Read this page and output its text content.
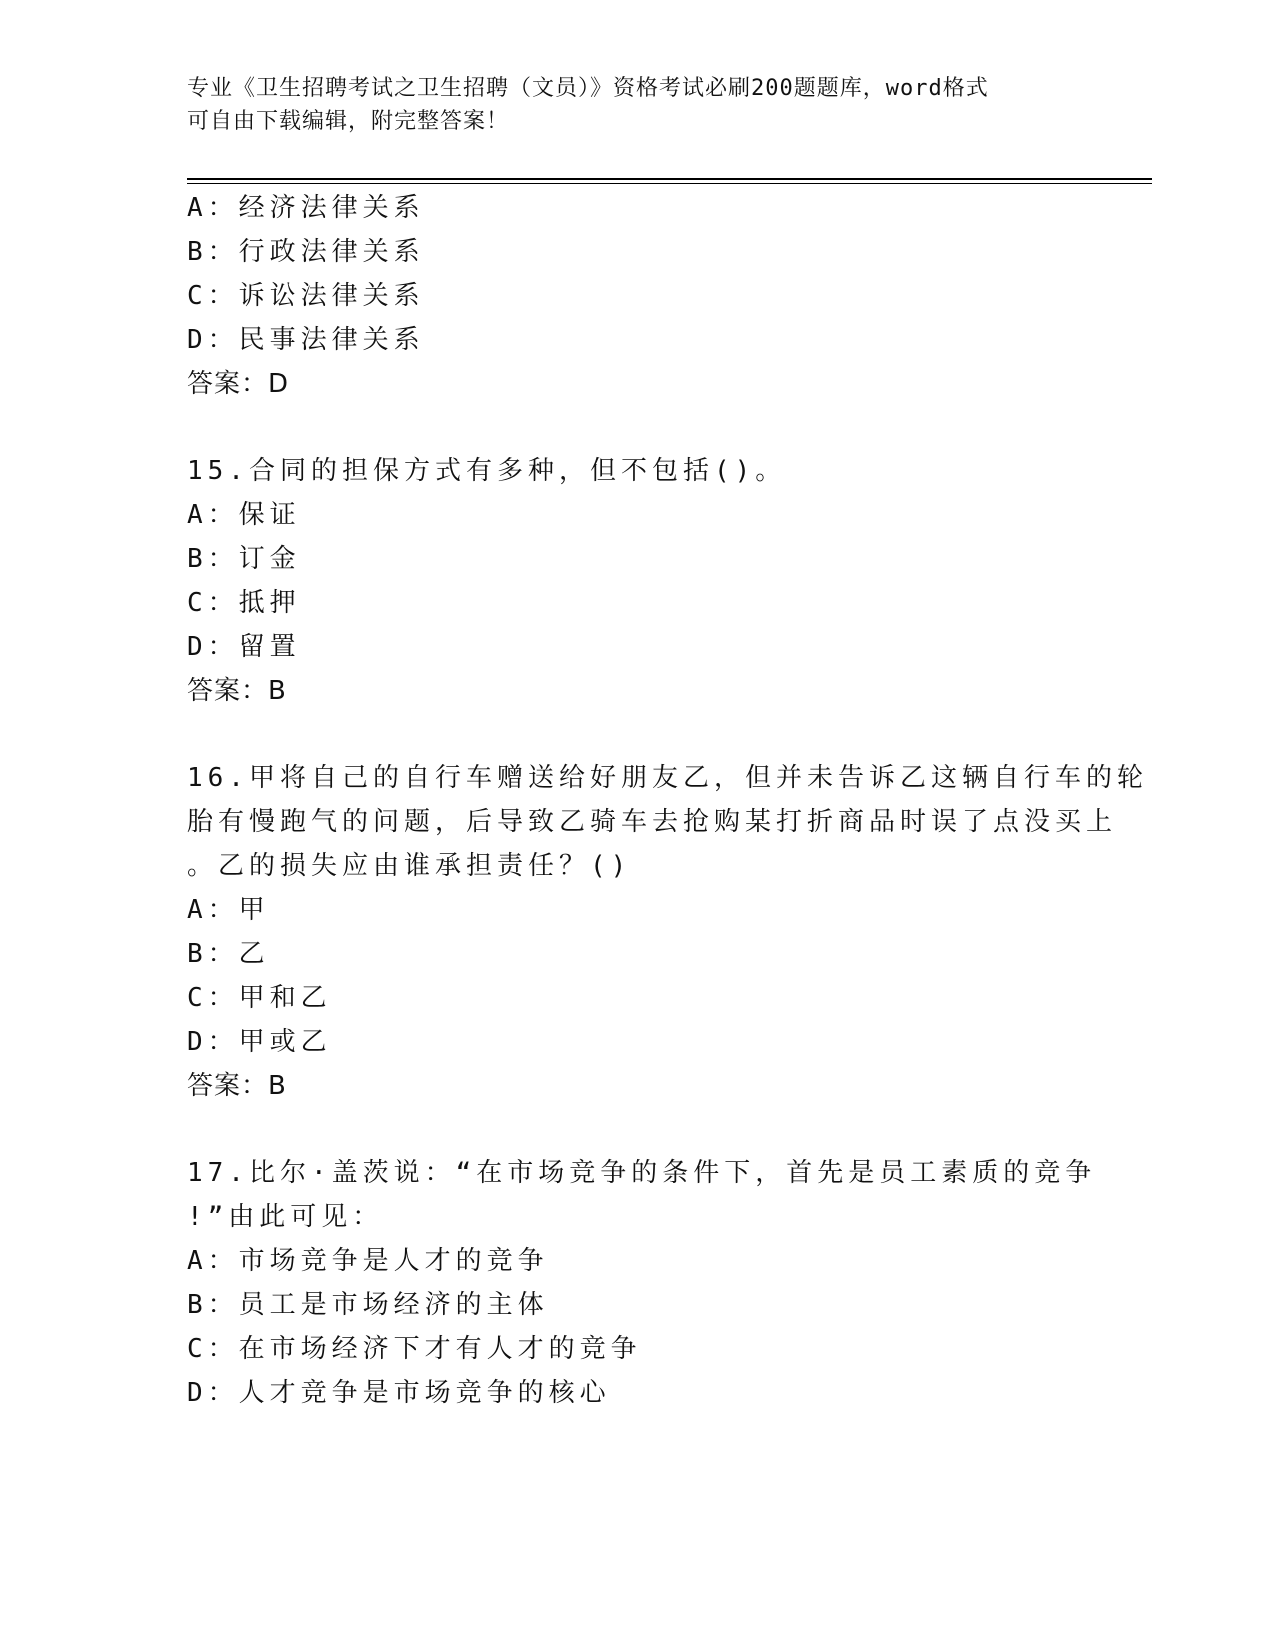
专业《卫生招聘考试之卫生招聘（文员）》资格考试必刷200题题库，word格式
可自由下载编辑，附完整答案！
A：经济法律关系
B：行政法律关系
C：诉讼法律关系
D：民事法律关系
答案：D
15.合同的担保方式有多种，但不包括()。
A：保证
B：订金
C：抵押
D：留置
答案：B
16.甲将自己的自行车赠送给好朋友乙，但并未告诉乙这辆自行车的轮
胎有慢跑气的问题，后导致乙骑车去抢购某打折商品时误了点没买上
。乙的损失应由谁承担责任？()
A：甲
B：乙
C：甲和乙
D：甲或乙
答案：B
17.比尔·盖茨说：“在市场竞争的条件下，首先是员工素质的竞争
!”由此可见：
A：市场竞争是人才的竞争
B：员工是市场经济的主体
C：在市场经济下才有人才的竞争
D：人才竞争是市场竞争的核心
